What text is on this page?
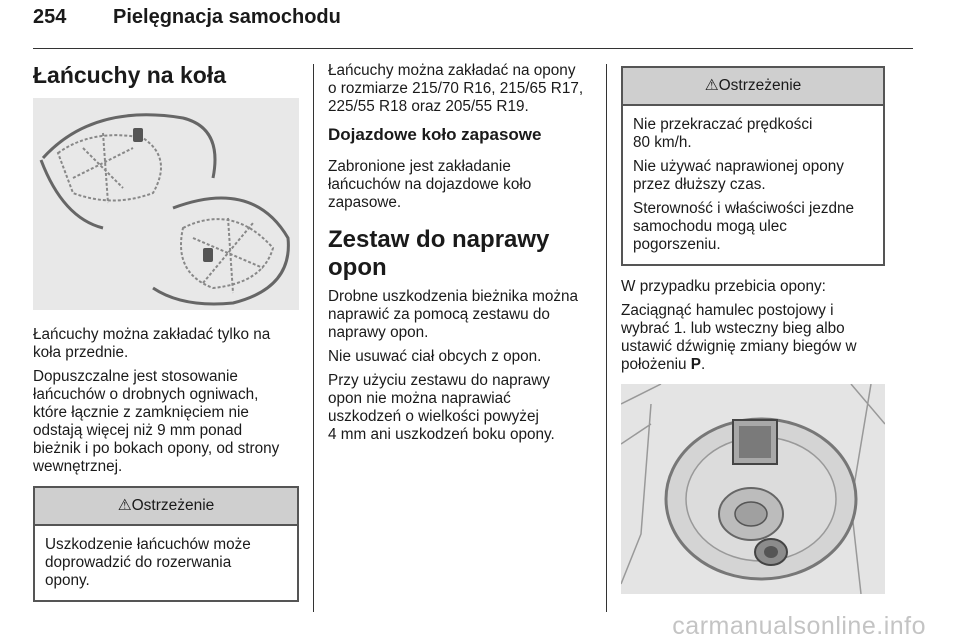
254 Pielęgnacja samochodu
Łańcuchy na koła

Łańcuchy można zakładać tylko na
koła przednie.

Dopuszczalne jest stosowanie
łańcuchów o drobnych ogniwach,
które łącznie z zamknięciem nie
odstają więcej niż 9 mm ponad
bieżnik i po bokach opony, od strony
wewnętrznej.

⚠Ostrzeżenie

Uszkodzenie łańcuchów może
doprowadzić do rozerwania
opony.

Łańcuchy można zakładać na opony
o rozmiarze 215/70 R16, 215/65 R17,
225/55 R18 oraz 205/55 R19.

Dojazdowe koło zapasowe

Zabronione jest zakładanie
łańcuchów na dojazdowe koło
zapasowe.

Zestaw do naprawy opon

Drobne uszkodzenia bieżnika można
naprawić za pomocą zestawu do
naprawy opon.

Nie usuwać ciał obcych z opon.

Przy użyciu zestawu do naprawy
opon nie można naprawiać
uszkodzeń o wielkości powyżej
4 mm ani uszkodzeń boku opony.

⚠Ostrzeżenie

Nie przekraczać prędkości
80 km/h.

Nie używać naprawionej opony
przez dłuższy czas.

Sterowność i właściwości jezdne
samochodu mogą ulec
pogorszeniu.

W przypadku przebicia opony:

Zaciągnąć hamulec postojowy i
wybrać 1. lub wsteczny bieg albo
ustawić dźwignię zmiany biegów w
położeniu P.

carmanualsonline.info
